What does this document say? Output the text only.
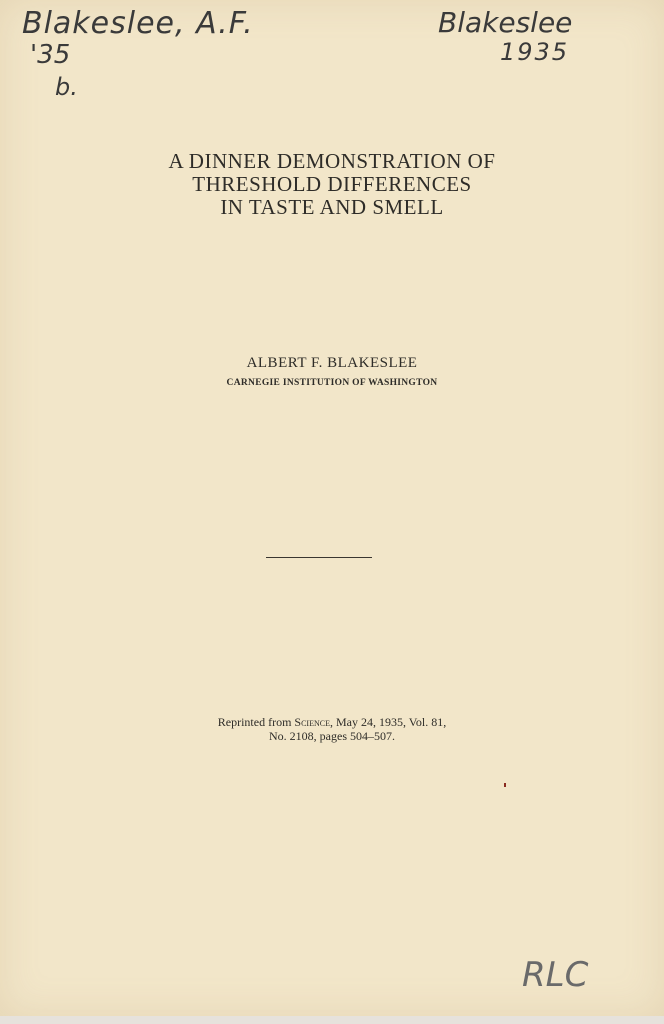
Blakeslee, A.F.
'35
b.
Blakeslee
1935
A DINNER DEMONSTRATION OF
THRESHOLD DIFFERENCES
IN TASTE AND SMELL
ALBERT F. BLAKESLEE
CARNEGIE INSTITUTION OF WASHINGTON
Reprinted from Science, May 24, 1935, Vol. 81,
No. 2108, pages 504–507.
RLC
